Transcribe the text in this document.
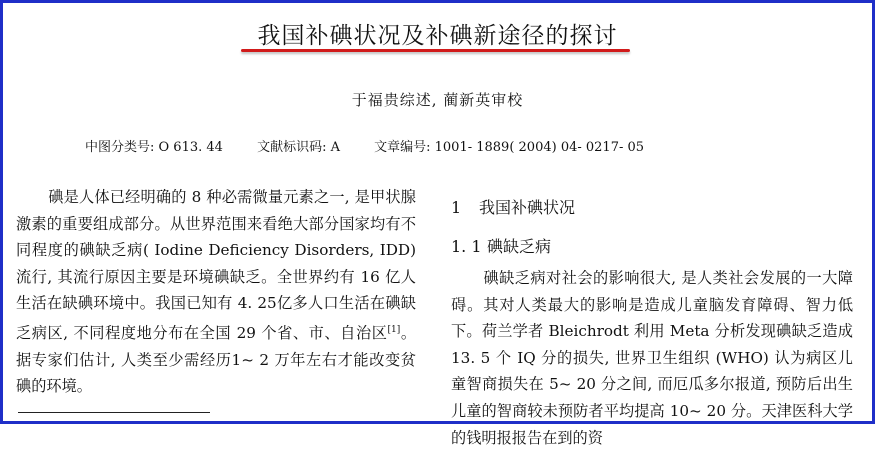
我国补碘状况及补碘新途径的探讨
于福贵综述, 蔺新英审校
中图分类号: O 613. 44	文献标识码: A	文章编号: 1001- 1889( 2004) 04- 0217- 05
碘是人体已经明确的 8 种必需微量元素之一, 是甲状腺激素的重要组成部分。从世界范围来看绝大部分国家均有不同程度的碘缺乏病( Iodine Deficiency Disorders, IDD) 流行, 其流行原因主要是环境碘缺乏。全世界约有 16 亿人生活在缺碘环境中。我国已知有 4. 25亿多人口生活在碘缺乏病区, 不同程度地分布在全国 29 个省、市、自治区[1]。据专家们估计, 人类至少需经历1~ 2 万年左右才能改变贫碘的环境。
1 我国补碘状况
1. 1 碘缺乏病

碘缺乏病对社会的影响很大, 是人类社会发展的一大障碍。其对人类最大的影响是造成儿童脑发育障碍、智力低下。荷兰学者 Bleichrodt 利用 Meta 分析发现碘缺乏造成 13. 5 个 IQ 分的损失, 世界卫生组织 (WHO) 认为病区儿童智商损失在 5~ 20 分之间, 而厄瓜多尔报道, 预防后出生儿童的智商较未预防者平均提高 10~ 20 分。天津医科大学的钱明报报告在到的资
